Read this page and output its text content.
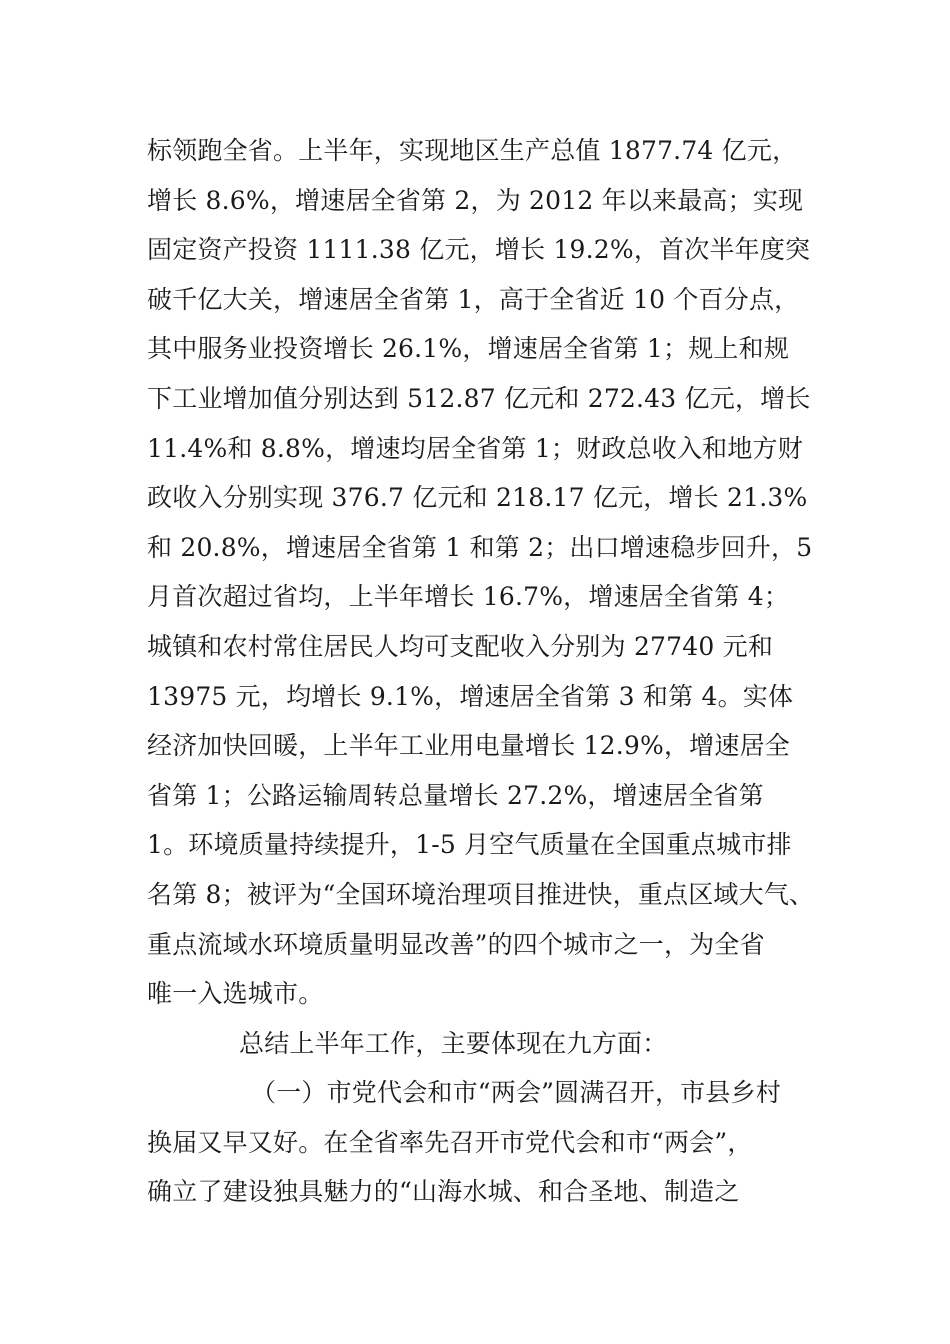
标领跑全省。上半年，实现地区生产总值 1877.74 亿元，
增长 8.6%，增速居全省第 2，为 2012 年以来最高；实现
固定资产投资 1111.38 亿元，增长 19.2%，首次半年度突
破千亿大关，增速居全省第 1，高于全省近 10 个百分点，
其中服务业投资增长 26.1%，增速居全省第 1；规上和规
下工业增加值分别达到 512.87 亿元和 272.43 亿元，增长
11.4%和 8.8%，增速均居全省第 1；财政总收入和地方财
政收入分别实现 376.7 亿元和 218.17 亿元，增长 21.3%
和 20.8%，增速居全省第 1 和第 2；出口增速稳步回升，5
月首次超过省均，上半年增长 16.7%，增速居全省第 4；
城镇和农村常住居民人均可支配收入分别为 27740 元和
13975 元，均增长 9.1%，增速居全省第 3 和第 4。实体
经济加快回暖，上半年工业用电量增长 12.9%，增速居全
省第 1；公路运输周转总量增长 27.2%，增速居全省第
1。环境质量持续提升，1-5 月空气质量在全国重点城市排
名第 8；被评为“全国环境治理项目推进快，重点区域大气、
重点流域水环境质量明显改善”的四个城市之一，为全省
唯一入选城市。
总结上半年工作，主要体现在九方面：
（一）市党代会和市“两会”圆满召开，市县乡村
换届又早又好。在全省率先召开市党代会和市“两会”，
确立了建设独具魅力的“山海水城、和合圣地、制造之
